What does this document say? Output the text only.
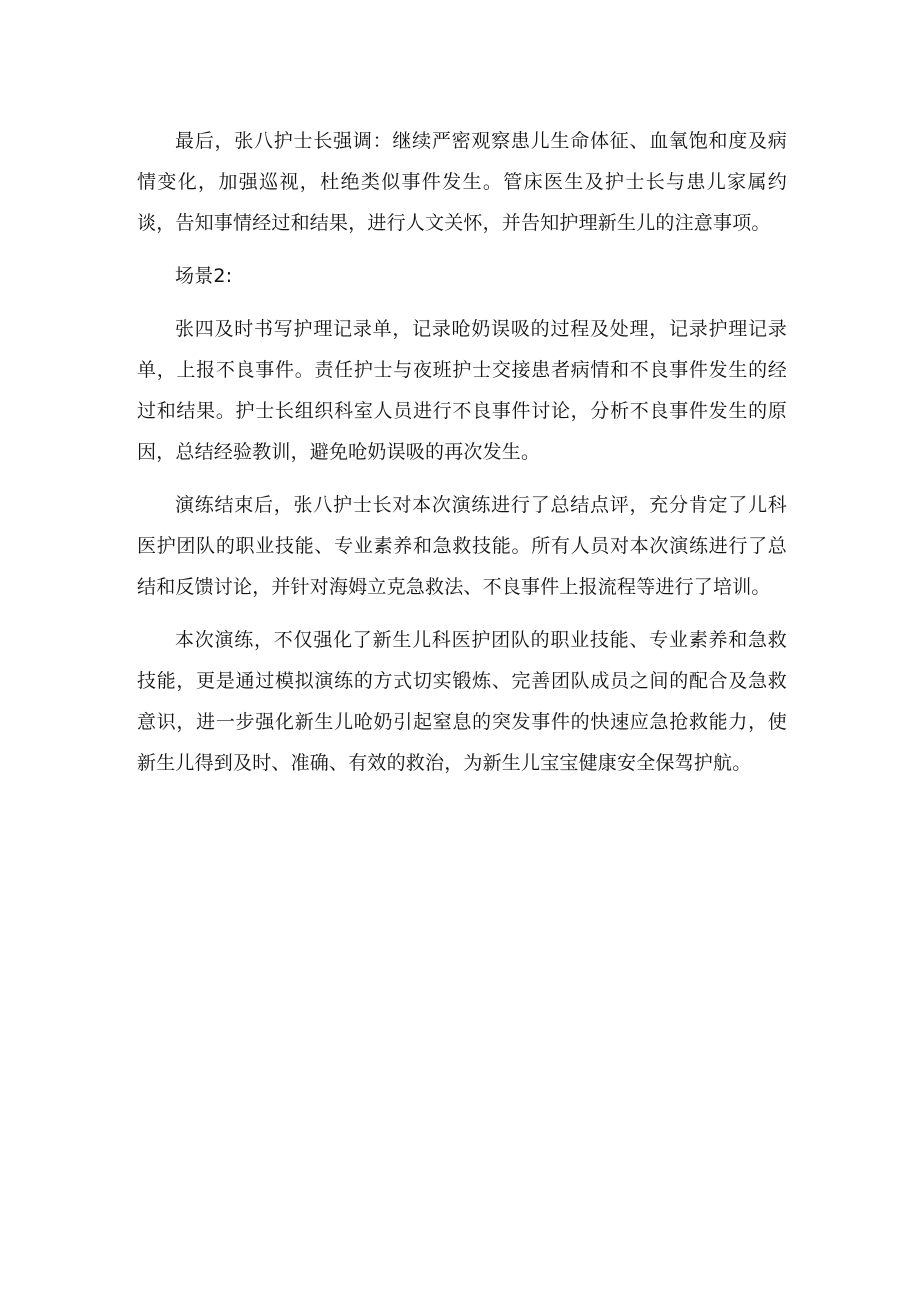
最后，张八护士长强调：继续严密观察患儿生命体征、血氧饱和度及病情变化，加强巡视，杜绝类似事件发生。管床医生及护士长与患儿家属约谈，告知事情经过和结果，进行人文关怀，并告知护理新生儿的注意事项。

场景2:

张四及时书写护理记录单，记录呛奶误吸的过程及处理，记录护理记录单，上报不良事件。责任护士与夜班护士交接患者病情和不良事件发生的经过和结果。护士长组织科室人员进行不良事件讨论，分析不良事件发生的原因，总结经验教训，避免呛奶误吸的再次发生。

演练结束后，张八护士长对本次演练进行了总结点评，充分肯定了儿科医护团队的职业技能、专业素养和急救技能。所有人员对本次演练进行了总结和反馈讨论，并针对海姆立克急救法、不良事件上报流程等进行了培训。

本次演练，不仅强化了新生儿科医护团队的职业技能、专业素养和急救技能，更是通过模拟演练的方式切实锻炼、完善团队成员之间的配合及急救意识，进一步强化新生儿呛奶引起窒息的突发事件的快速应急抢救能力，使新生儿得到及时、准确、有效的救治，为新生儿宝宝健康安全保驾护航。
